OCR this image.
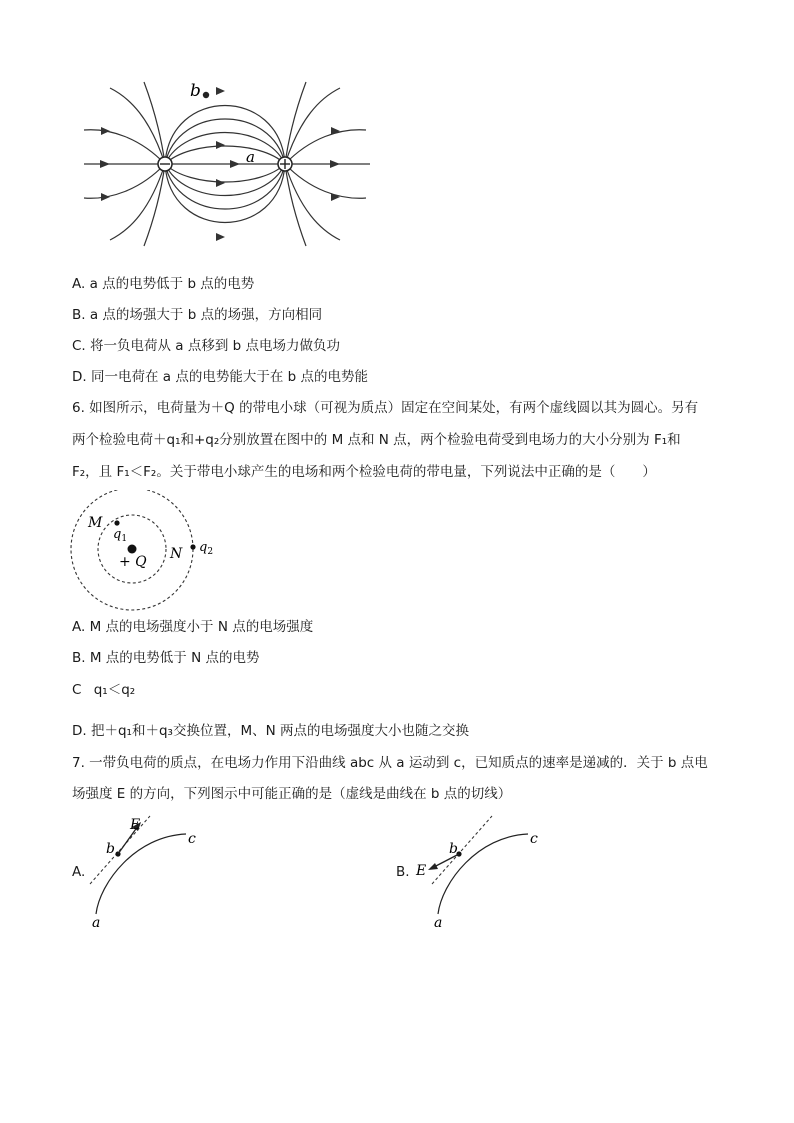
b
a
A. a 点的电势低于 b 点的电势
B. a 点的场强大于 b 点的场强，方向相同
C. 将一负电荷从 a 点移到 b 点电场力做负功
D. 同一电荷在 a 点的电势能大于在 b 点的电势能
6. 如图所示，电荷量为＋Q 的带电小球（可视为质点）固定在空间某处，有两个虚线圆以其为圆心。另有
两个检验电荷＋q₁和+q₂分别放置在图中的 M 点和 N 点，两个检验电荷受到电场力的大小分别为 F₁和
F₂，且 F₁＜F₂。关于带电小球产生的电场和两个检验电荷的带电量，下列说法中正确的是（　　）
M
$q_1$
+ Q N $q_2$
A. M 点的电场强度小于 N 点的电场强度
B. M 点的电势低于 N 点的电势
C q₁＜q₂
D. 把＋q₁和＋q₃交换位置，M、N 两点的电场强度大小也随之交换
7. 一带负电荷的质点，在电场力作用下沿曲线 abc 从 a 运动到 c，已知质点的速率是递减的．关于 b 点电
场强度 E 的方向，下列图示中可能正确的是（虚线是曲线在 b 点的切线）
A.
E
b
c
a
B. E
b
c
a
